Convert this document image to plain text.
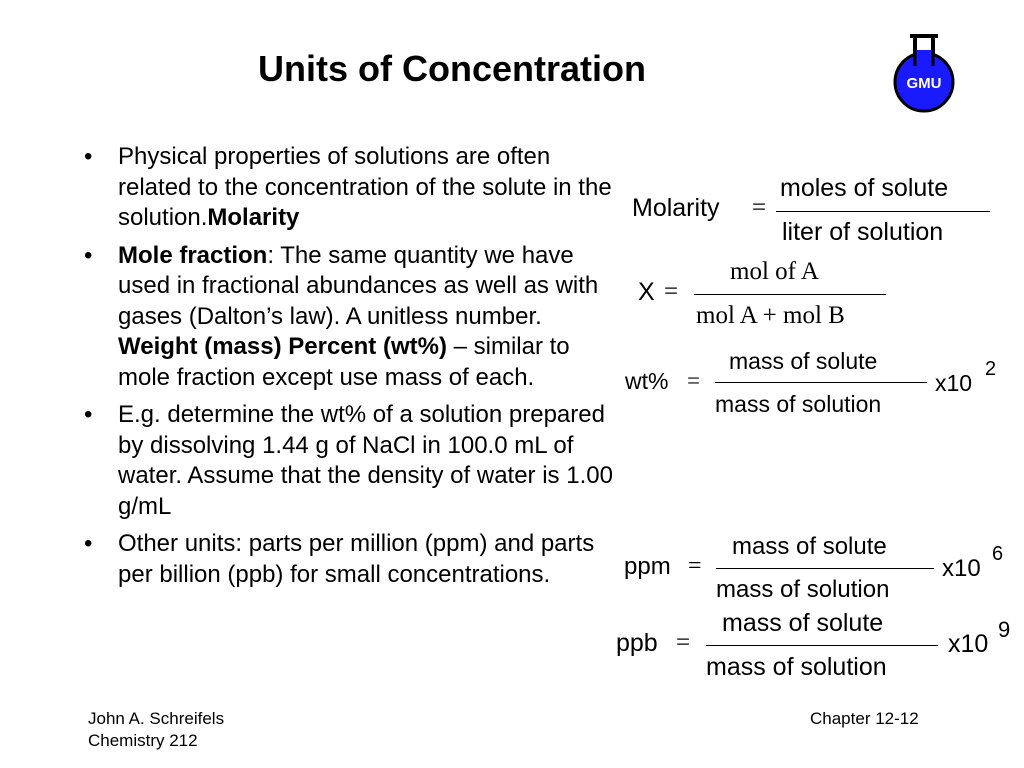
Units of Concentration	GMU
• Physical properties of solutions are often related to the concentration of the solute in the solution.Molarity
• Mole fraction: The same quantity we have used in fractional abundances as well as with gases (Dalton’s law). A unitless number.
Weight (mass) Percent (wt%) – similar to mole fraction except use mass of each.
• E.g. determine the wt% of a solution prepared by dissolving 1.44 g of NaCl in 100.0 mL of water. Assume that the density of water is 1.00 g/mL
• Other units: parts per million (ppm) and parts per billion (ppb) for small concentrations.
Molarity =
moles of solute
liter of solution
X =
mol of A
mol A + mol B
wt% =
mass of solute
mass of solution
x10
2
ppm =
mass of solute
mass of solution
x10
6
ppb =
mass of solute
mass of solution
x10
9
John A. Schreifels
Chemistry 212
Chapter 12-12
